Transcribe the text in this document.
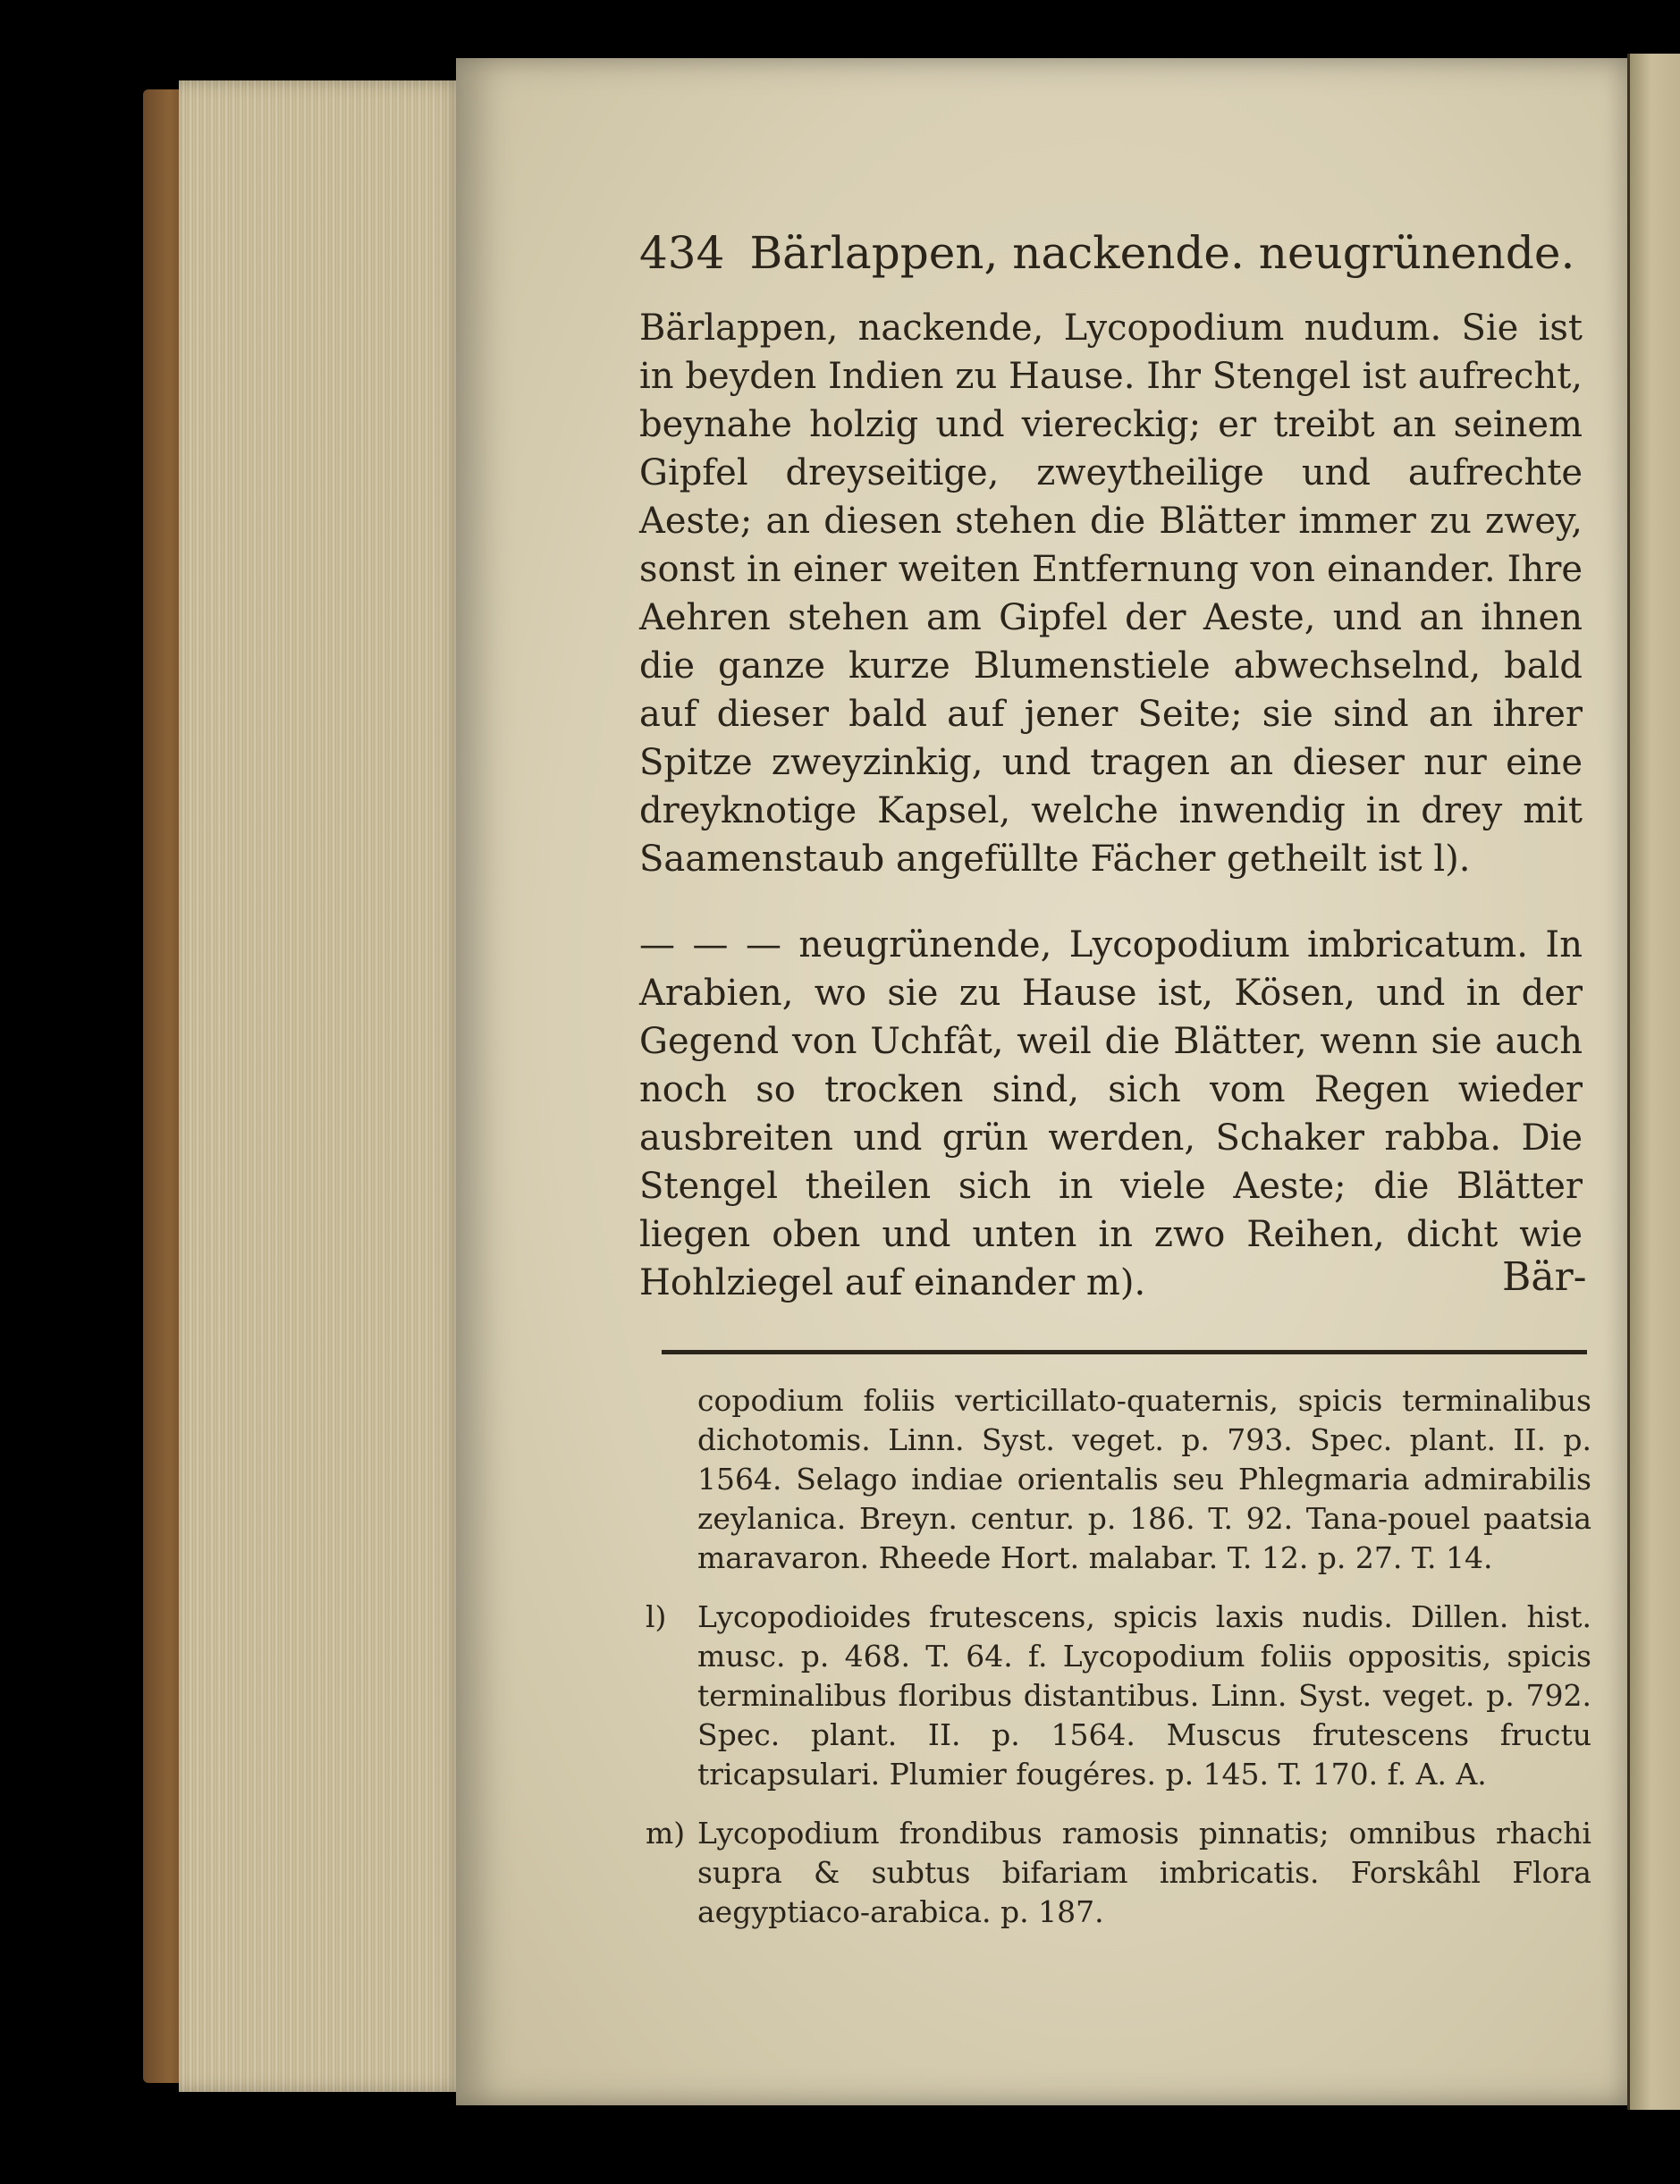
434 Bärlappen, nackende. neugrünende.

Bärlappen, nackende, Lycopodium nudum. Sie ist in beyden Indien zu Hause. Ihr Stengel ist aufrecht, beynahe holzig und viereckig; er treibt an seinem Gipfel dreyseitige, zweytheilige und aufrechte Aeste; an diesen stehen die Blätter immer zu zwey, sonst in einer weiten Entfernung von einander. Ihre Aehren stehen am Gipfel der Aeste, und an ihnen die ganze kurze Blumenstiele abwechselnd, bald auf dieser bald auf jener Seite; sie sind an ihrer Spitze zweyzinkig, und tragen an dieser nur eine dreyknotige Kapsel, welche inwendig in drey mit Saamenstaub angefüllte Fächer getheilt ist l).

— — — neugrünende, Lycopodium imbricatum. In Arabien, wo sie zu Hause ist, Kösen, und in der Gegend von Uchfât, weil die Blätter, wenn sie auch noch so trocken sind, sich vom Regen wieder ausbreiten und grün werden, Schaker rabba. Die Stengel theilen sich in viele Aeste; die Blätter liegen oben und unten in zwo Reihen, dicht wie Hohlziegel auf einander m).	Bär-

copodium foliis verticillato-quaternis, spicis terminalibus dichotomis. Linn. Syst. veget. p. 793. Spec. plant. II. p. 1564. Selago indiae orientalis seu Phlegmaria admirabilis zeylanica. Breyn. centur. p. 186. T. 92. Tana-pouel paatsia maravaron. Rheede Hort. malabar. T. 12. p. 27. T. 14.

l) Lycopodioides frutescens, spicis laxis nudis. Dillen. hist. musc. p. 468. T. 64. f. Lycopodium foliis oppositis, spicis terminalibus floribus distantibus. Linn. Syst. veget. p. 792. Spec. plant. II. p. 1564. Muscus frutescens fructu tricapsulari. Plumier fougéres. p. 145. T. 170. f. A. A.

m) Lycopodium frondibus ramosis pinnatis; omnibus rhachi supra & subtus bifariam imbricatis. Forskâhl Flora aegyptiaco-arabica. p. 187.
